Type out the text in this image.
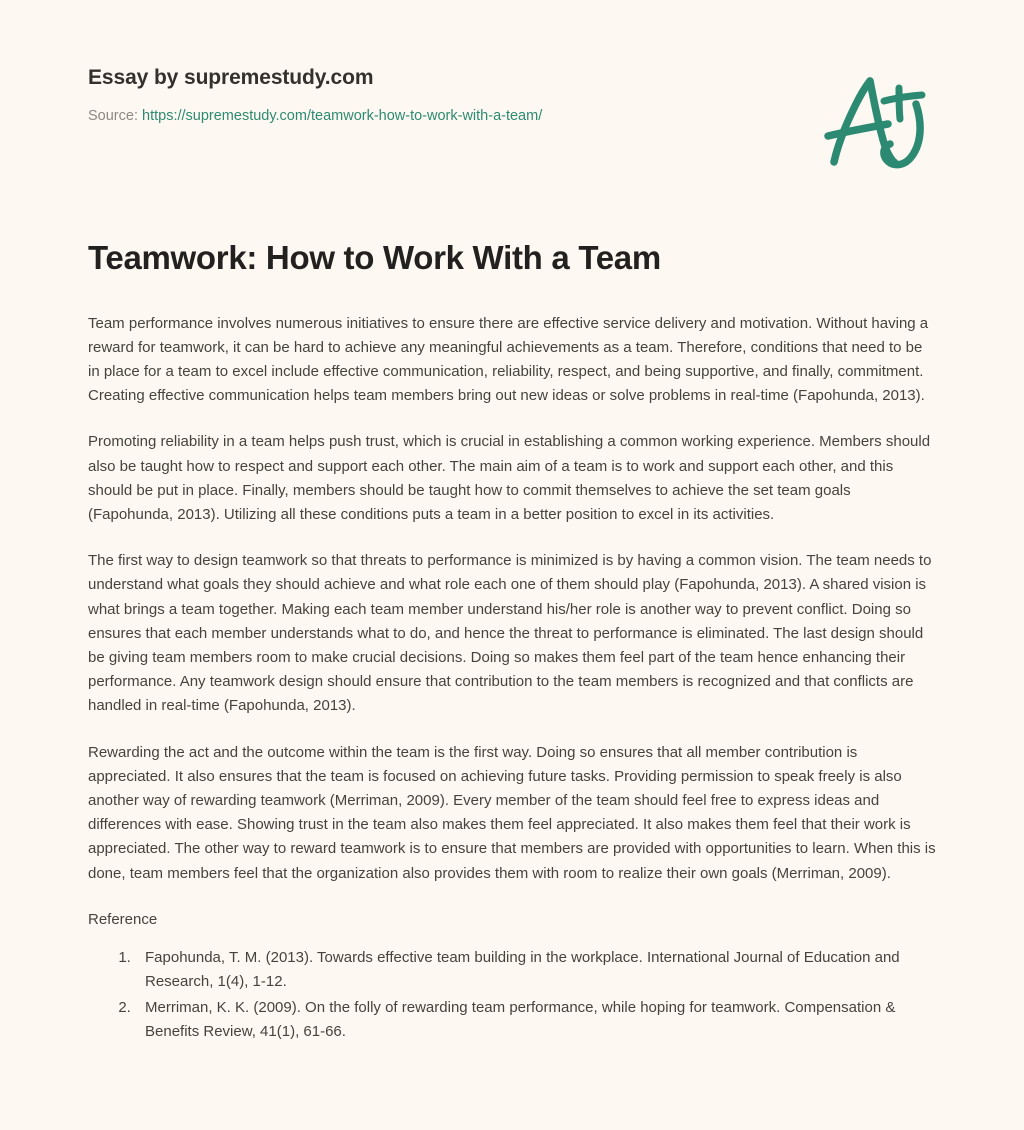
Essay by supremestudy.com
Source: https://supremestudy.com/teamwork-how-to-work-with-a-team/
Teamwork: How to Work With a Team

Team performance involves numerous initiatives to ensure there are effective service delivery and motivation. Without having a reward for teamwork, it can be hard to achieve any meaningful achievements as a team. Therefore, conditions that need to be in place for a team to excel include effective communication, reliability, respect, and being supportive, and finally, commitment. Creating effective communication helps team members bring out new ideas or solve problems in real-time (Fapohunda, 2013).

Promoting reliability in a team helps push trust, which is crucial in establishing a common working experience. Members should also be taught how to respect and support each other. The main aim of a team is to work and support each other, and this should be put in place. Finally, members should be taught how to commit themselves to achieve the set team goals (Fapohunda, 2013). Utilizing all these conditions puts a team in a better position to excel in its activities.

The first way to design teamwork so that threats to performance is minimized is by having a common vision. The team needs to understand what goals they should achieve and what role each one of them should play (Fapohunda, 2013). A shared vision is what brings a team together. Making each team member understand his/her role is another way to prevent conflict. Doing so ensures that each member understands what to do, and hence the threat to performance is eliminated. The last design should be giving team members room to make crucial decisions. Doing so makes them feel part of the team hence enhancing their performance. Any teamwork design should ensure that contribution to the team members is recognized and that conflicts are handled in real-time (Fapohunda, 2013).

Rewarding the act and the outcome within the team is the first way. Doing so ensures that all member contribution is appreciated. It also ensures that the team is focused on achieving future tasks. Providing permission to speak freely is also another way of rewarding teamwork (Merriman, 2009). Every member of the team should feel free to express ideas and differences with ease. Showing trust in the team also makes them feel appreciated. It also makes them feel that their work is appreciated. The other way to reward teamwork is to ensure that members are provided with opportunities to learn. When this is done, team members feel that the organization also provides them with room to realize their own goals (Merriman, 2009).

Reference
1. Fapohunda, T. M. (2013). Towards effective team building in the workplace. International Journal of Education and Research, 1(4), 1-12.
2. Merriman, K. K. (2009). On the folly of rewarding team performance, while hoping for teamwork. Compensation & Benefits Review, 41(1), 61-66.
